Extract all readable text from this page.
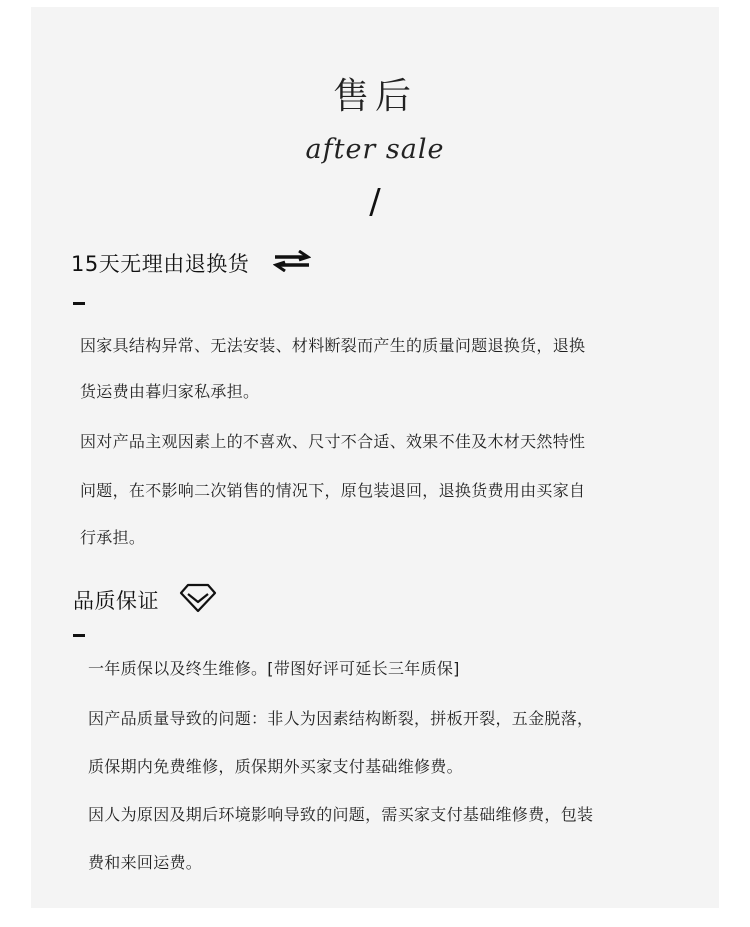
售后
after sale
/
15天无理由退换货
因家具结构异常、无法安装、材料断裂而产生的质量问题退换货，退换
货运费由暮归家私承担。
因对产品主观因素上的不喜欢、尺寸不合适、效果不佳及木材天然特性
问题，在不影响二次销售的情况下，原包装退回，退换货费用由买家自
行承担。
品质保证
一年质保以及终生维修。[带图好评可延长三年质保]
因产品质量导致的问题：非人为因素结构断裂，拼板开裂，五金脱落，
质保期内免费维修，质保期外买家支付基础维修费。
因人为原因及期后环境影响导致的问题，需买家支付基础维修费，包装
费和来回运费。
